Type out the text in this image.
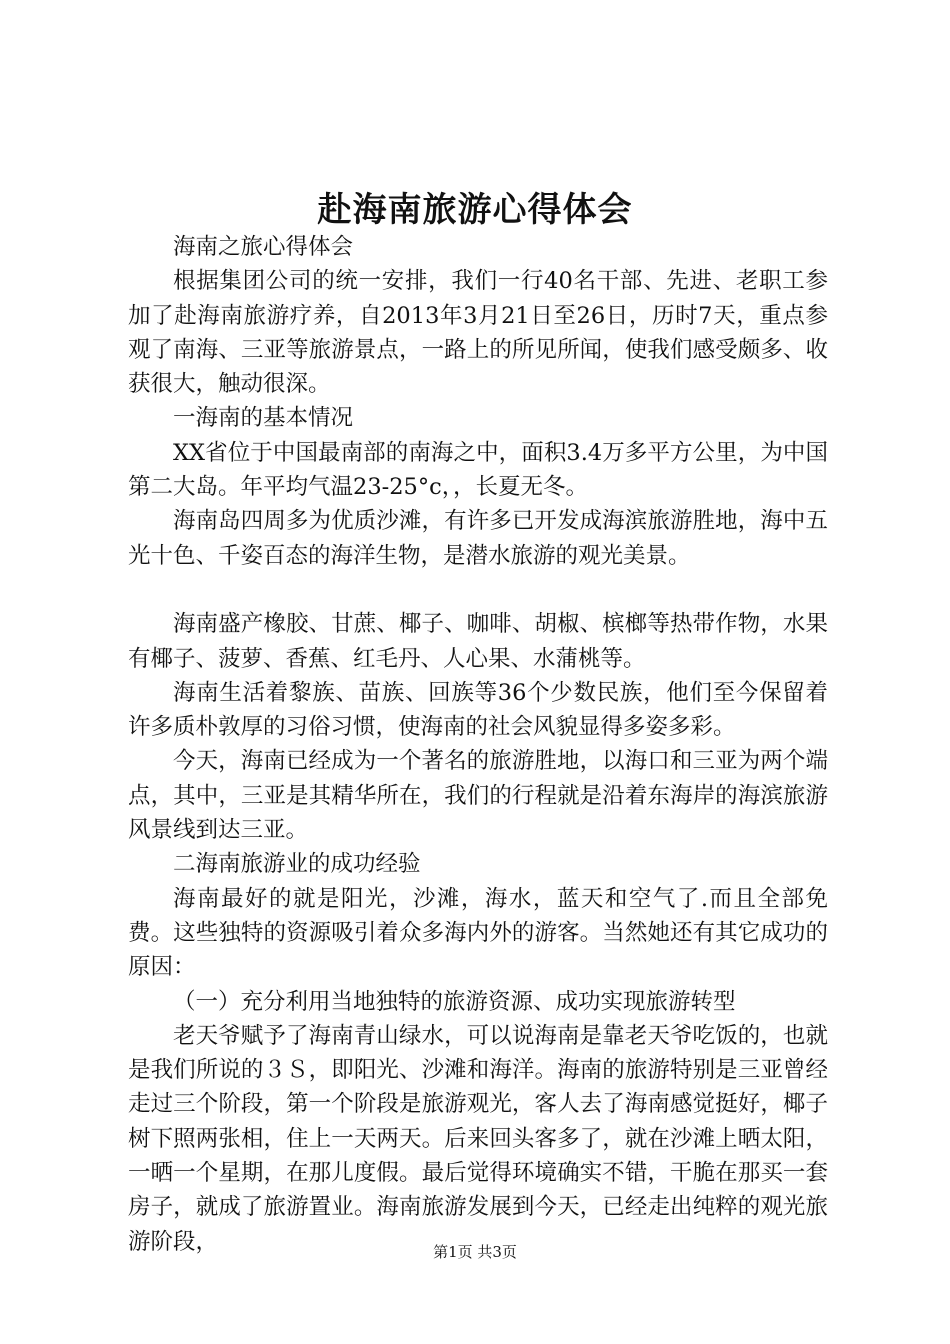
赴海南旅游心得体会

海南之旅心得体会

根据集团公司的统一安排，我们一行40名干部、先进、老职工参加了赴海南旅游疗养，自2013年3月21日至26日，历时7天，重点参观了南海、三亚等旅游景点，一路上的所见所闻，使我们感受颇多、收获很大，触动很深。

一海南的基本情况

XX省位于中国最南部的南海之中，面积3.4万多平方公里，为中国第二大岛。年平均气温23-25°c，，长夏无冬。

海南岛四周多为优质沙滩，有许多已开发成海滨旅游胜地，海中五光十色、千姿百态的海洋生物，是潜水旅游的观光美景。

海南盛产橡胶、甘蔗、椰子、咖啡、胡椒、槟榔等热带作物，水果有椰子、菠萝、香蕉、红毛丹、人心果、水蒲桃等。

海南生活着黎族、苗族、回族等36个少数民族，他们至今保留着许多质朴敦厚的习俗习惯，使海南的社会风貌显得多姿多彩。

今天，海南已经成为一个著名的旅游胜地，以海口和三亚为两个端点，其中，三亚是其精华所在，我们的行程就是沿着东海岸的海滨旅游风景线到达三亚。

二海南旅游业的成功经验

海南最好的就是阳光，沙滩，海水，蓝天和空气了.而且全部免费。这些独特的资源吸引着众多海内外的游客。当然她还有其它成功的原因：

（一）充分利用当地独特的旅游资源、成功实现旅游转型

老天爷赋予了海南青山绿水，可以说海南是靠老天爷吃饭的，也就是我们所说的３Ｓ，即阳光、沙滩和海洋。海南的旅游特别是三亚曾经走过三个阶段，第一个阶段是旅游观光，客人去了海南感觉挺好，椰子树下照两张相，住上一天两天。后来回头客多了，就在沙滩上晒太阳，一晒一个星期，在那儿度假。最后觉得环境确实不错，干脆在那买一套房子，就成了旅游置业。海南旅游发展到今天，已经走出纯粹的观光旅游阶段，	第1页 共3页
